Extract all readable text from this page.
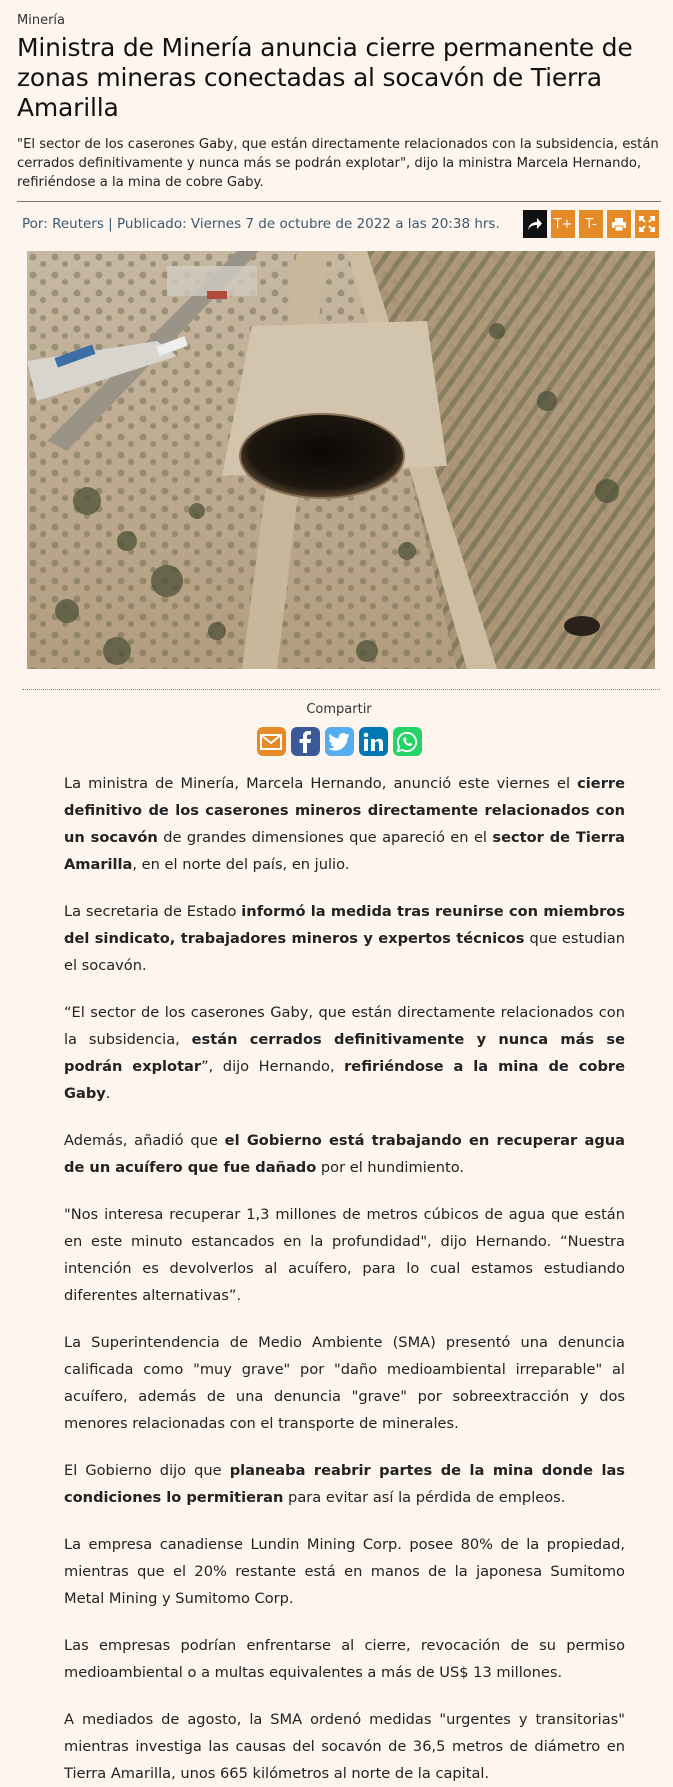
Minería
Ministra de Minería anuncia cierre permanente de zonas mineras conectadas al socavón de Tierra Amarilla

"El sector de los caserones Gaby, que están directamente relacionados con la subsidencia, están cerrados definitivamente y nunca más se podrán explotar", dijo la ministra Marcela Hernando, refiriéndose a la mina de cobre Gaby.

Por: Reuters | Publicado: Viernes 7 de octubre de 2022 a las 20:38 hrs.	T+ T-
Compartir

La ministra de Minería, Marcela Hernando, anunció este viernes el cierre definitivo de los caserones mineros directamente relacionados con un socavón de grandes dimensiones que apareció en el sector de Tierra Amarilla, en el norte del país, en julio.

La secretaria de Estado informó la medida tras reunirse con miembros del sindicato, trabajadores mineros y expertos técnicos que estudian el socavón.

“El sector de los caserones Gaby, que están directamente relacionados con la subsidencia, están cerrados definitivamente y nunca más se podrán explotar”, dijo Hernando, refiriéndose a la mina de cobre Gaby.

Además, añadió que el Gobierno está trabajando en recuperar agua de un acuífero que fue dañado por el hundimiento.

"Nos interesa recuperar 1,3 millones de metros cúbicos de agua que están en este minuto estancados en la profundidad", dijo Hernando. “Nuestra intención es devolverlos al acuífero, para lo cual estamos estudiando diferentes alternativas”.

La Superintendencia de Medio Ambiente (SMA) presentó una denuncia calificada como "muy grave" por "daño medioambiental irreparable" al acuífero, además de una denuncia "grave" por sobreextracción y dos menores relacionadas con el transporte de minerales.

El Gobierno dijo que planeaba reabrir partes de la mina donde las condiciones lo permitieran para evitar así la pérdida de empleos.

La empresa canadiense Lundin Mining Corp. posee 80% de la propiedad, mientras que el 20% restante está en manos de la japonesa Sumitomo Metal Mining y Sumitomo Corp.

Las empresas podrían enfrentarse al cierre, revocación de su permiso medioambiental o a multas equivalentes a más de US$ 13 millones.

A mediados de agosto, la SMA ordenó medidas "urgentes y transitorias" mientras investiga las causas del socavón de 36,5 metros de diámetro en Tierra Amarilla, unos 665 kilómetros al norte de la capital.
